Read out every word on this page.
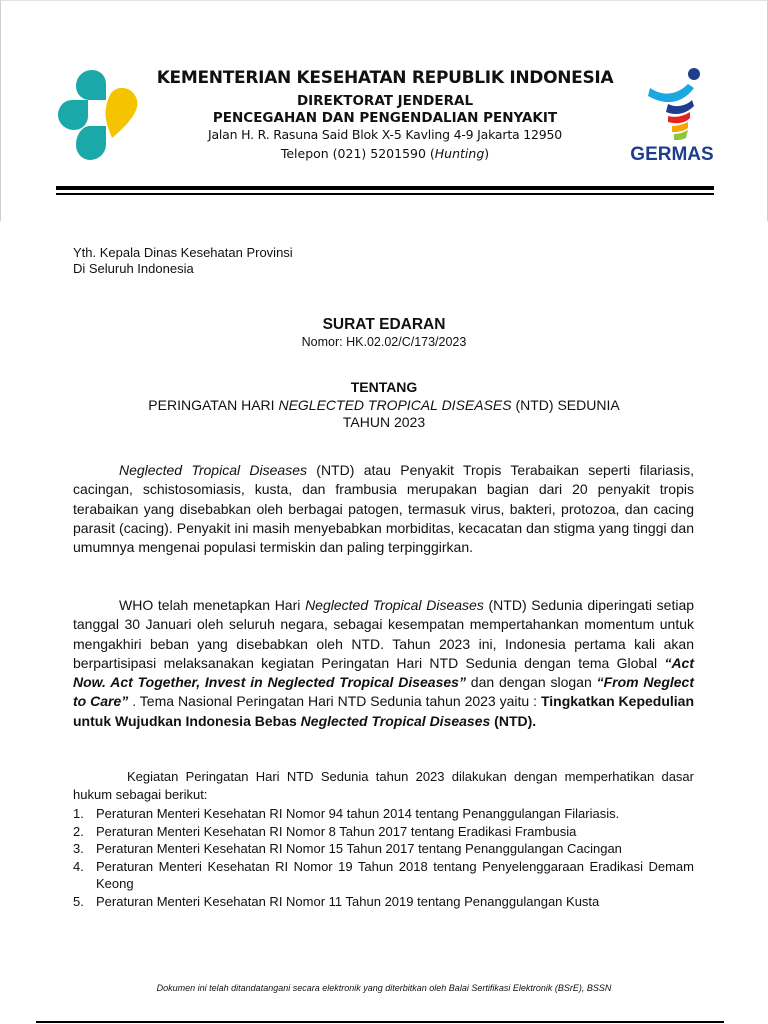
KEMENTERIAN KESEHATAN REPUBLIK INDONESIA
DIREKTORAT JENDERAL
PENCEGAHAN DAN PENGENDALIAN PENYAKIT
Jalan H. R. Rasuna Said Blok X-5 Kavling 4-9 Jakarta 12950
Telepon (021) 5201590 (Hunting)	GERMAS
Yth. Kepala Dinas Kesehatan Provinsi
Di Seluruh Indonesia
SURAT EDARAN
Nomor: HK.02.02/C/173/2023
TENTANG
PERINGATAN HARI NEGLECTED TROPICAL DISEASES (NTD) SEDUNIA
TAHUN 2023

Neglected Tropical Diseases (NTD) atau Penyakit Tropis Terabaikan seperti filariasis, cacingan, schistosomiasis, kusta, dan frambusia merupakan bagian dari 20 penyakit tropis terabaikan yang disebabkan oleh berbagai patogen, termasuk virus, bakteri, protozoa, dan cacing parasit (cacing). Penyakit ini masih menyebabkan morbiditas, kecacatan dan stigma yang tinggi dan umumnya mengenai populasi termiskin dan paling terpinggirkan.

WHO telah menetapkan Hari Neglected Tropical Diseases (NTD) Sedunia diperingati setiap tanggal 30 Januari oleh seluruh negara, sebagai kesempatan mempertahankan momentum untuk mengakhiri beban yang disebabkan oleh NTD. Tahun 2023 ini, Indonesia pertama kali akan berpartisipasi melaksanakan kegiatan Peringatan Hari NTD Sedunia dengan tema Global “Act Now. Act Together, Invest in Neglected Tropical Diseases” dan dengan slogan “From Neglect to Care” . Tema Nasional Peringatan Hari NTD Sedunia tahun 2023 yaitu : Tingkatkan Kepedulian untuk Wujudkan Indonesia Bebas Neglected Tropical Diseases (NTD).

Kegiatan Peringatan Hari NTD Sedunia tahun 2023 dilakukan dengan memperhatikan dasar hukum sebagai berikut:

1. Peraturan Menteri Kesehatan RI Nomor 94 tahun 2014 tentang Penanggulangan Filariasis.
2. Peraturan Menteri Kesehatan RI Nomor 8 Tahun 2017 tentang Eradikasi Frambusia
3. Peraturan Menteri Kesehatan RI Nomor 15 Tahun 2017 tentang Penanggulangan Cacingan
4. Peraturan Menteri Kesehatan RI Nomor 19 Tahun 2018 tentang Penyelenggaraan Eradikasi Demam Keong
5. Peraturan Menteri Kesehatan RI Nomor 11 Tahun 2019 tentang Penanggulangan Kusta
Dokumen ini telah ditandatangani secara elektronik yang diterbitkan oleh Balai Sertifikasi Elektronik (BSrE), BSSN
